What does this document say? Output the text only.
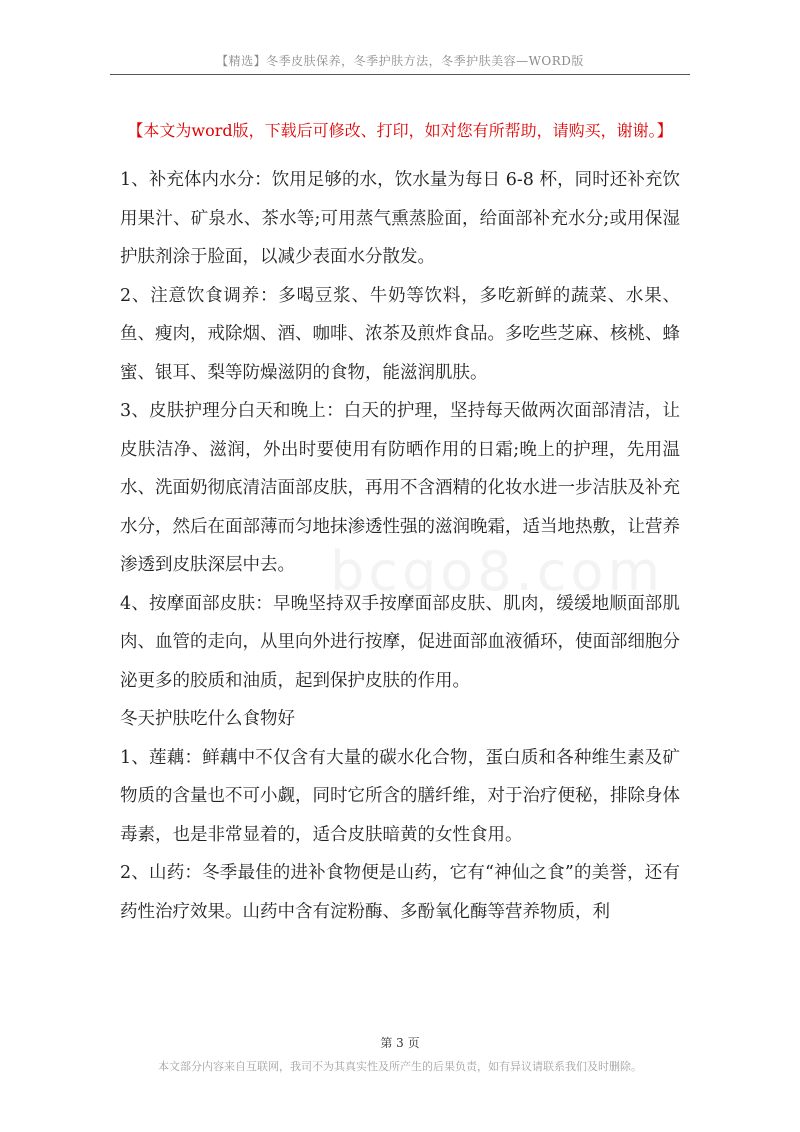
【精选】冬季皮肤保养，冬季护肤方法，冬季护肤美容—WORD版
【本文为word版，下载后可修改、打印，如对您有所帮助，请购买，谢谢。】
bcgo8.com

1、补充体内水分：饮用足够的水，饮水量为每日 6-8 杯，同时还补充饮用果汁、矿泉水、茶水等;可用蒸气熏蒸脸面，给面部补充水分;或用保湿护肤剂涂于脸面，以减少表面水分散发。

2、注意饮食调养：多喝豆浆、牛奶等饮料，多吃新鲜的蔬菜、水果、鱼、瘦肉，戒除烟、酒、咖啡、浓茶及煎炸食品。多吃些芝麻、核桃、蜂蜜、银耳、梨等防燥滋阴的食物，能滋润肌肤。

3、皮肤护理分白天和晚上：白天的护理，坚持每天做两次面部清洁，让皮肤洁净、滋润，外出时要使用有防晒作用的日霜;晚上的护理，先用温水、洗面奶彻底清洁面部皮肤，再用不含酒精的化妆水进一步洁肤及补充水分，然后在面部薄而匀地抹渗透性强的滋润晚霜，适当地热敷，让营养渗透到皮肤深层中去。

4、按摩面部皮肤：早晚坚持双手按摩面部皮肤、肌肉，缓缓地顺面部肌肉、血管的走向，从里向外进行按摩，促进面部血液循环，使面部细胞分泌更多的胶质和油质，起到保护皮肤的作用。

冬天护肤吃什么食物好

1、莲藕：鲜藕中不仅含有大量的碳水化合物，蛋白质和各种维生素及矿物质的含量也不可小觑，同时它所含的膳纤维，对于治疗便秘，排除身体毒素，也是非常显着的，适合皮肤暗黄的女性食用。

2、山药：冬季最佳的进补食物便是山药，它有“神仙之食”的美誉，还有药性治疗效果。山药中含有淀粉酶、多酚氧化酶等营养物质，利

第 3 页
本文部分内容来自互联网，我司不为其真实性及所产生的后果负责，如有异议请联系我们及时删除。
